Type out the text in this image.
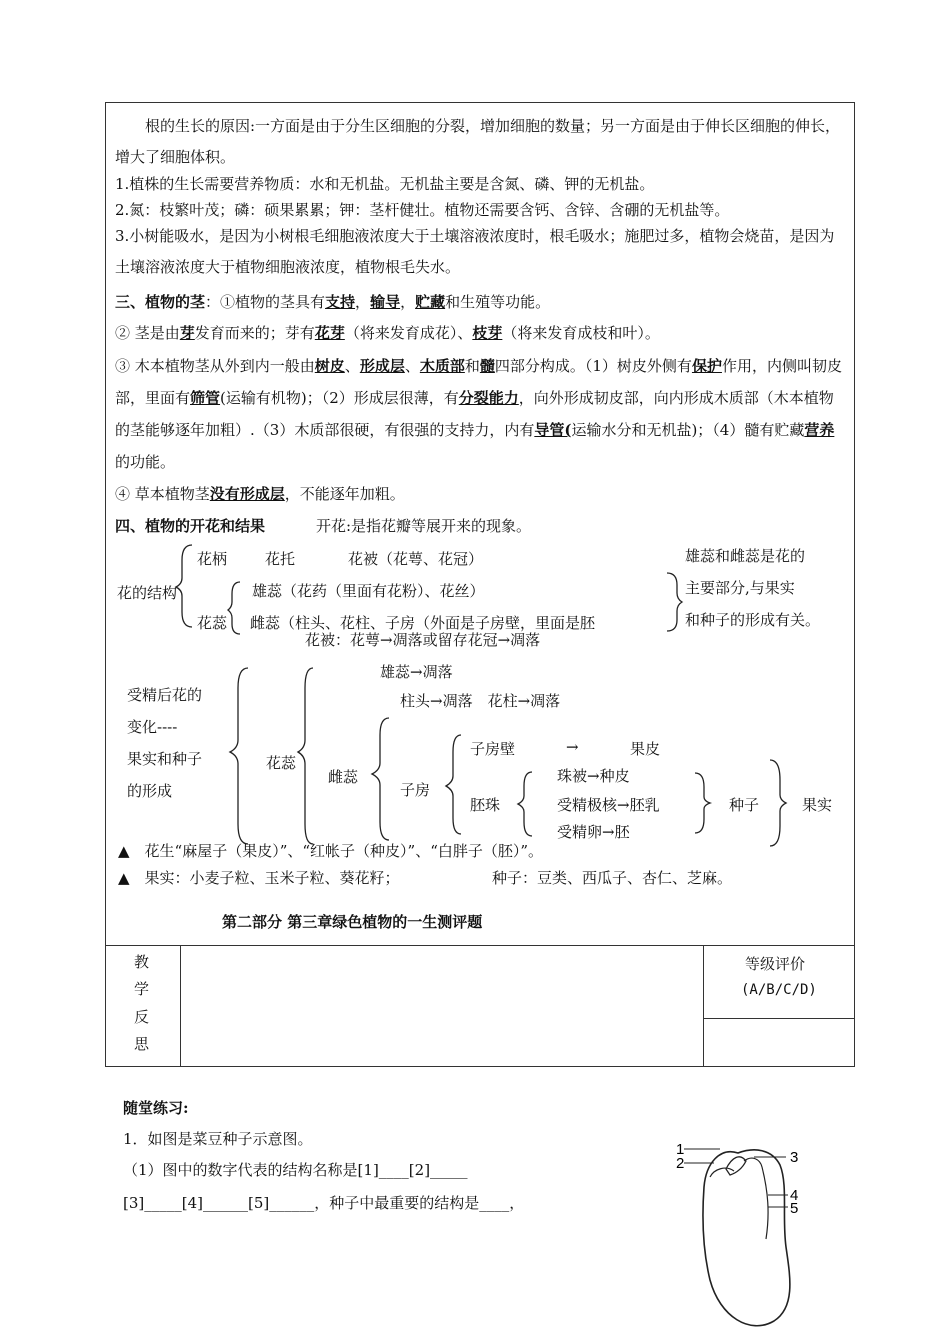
根的生长的原因:一方面是由于分生区细胞的分裂，增加细胞的数量；另一方面是由于伸长区细胞的伸长，增大了细胞体积。
1.植株的生长需要营养物质：水和无机盐。无机盐主要是含氮、磷、钾的无机盐。
2.氮：枝繁叶茂；磷：硕果累累；钾：茎杆健壮。植物还需要含钙、含锌、含硼的无机盐等。
3.小树能吸水，是因为小树根毛细胞液浓度大于土壤溶液浓度时，根毛吸水；施肥过多，植物会烧苗，是因为土壤溶液浓度大于植物细胞液浓度，植物根毛失水。
三、植物的茎：①植物的茎具有支持，输导，贮藏和生殖等功能。
② 茎是由芽发育而来的；芽有花芽（将来发育成花）、枝芽（将来发育成枝和叶）。
③ 木本植物茎从外到内一般由树皮、形成层、木质部和髓四部分构成。（1）树皮外侧有保护作用，内侧叫韧皮部，里面有筛管(运输有机物)；（2）形成层很薄，有分裂能力，向外形成韧皮部，向内形成木质部（木本植物的茎能够逐年加粗）.（3）木质部很硬，有很强的支持力，内有导管(运输水分和无机盐)；（4）髓有贮藏营养的功能。
④ 草本植物茎没有形成层，不能逐年加粗。
四、植物的开花和结果	开花:是指花瓣等展开来的现象。
花柄	花托	花被（花萼、花冠）
花的结构
花蕊
雄蕊（花药（里面有花粉）、花丝）
雌蕊（柱头、花柱、子房（外面是子房壁，里面是胚
雄蕊和雌蕊是花的
主要部分,与果实
和种子的形成有关。
花被：花萼→凋落或留存花冠→凋落
受精后花的
变化----
果实和种子
的形成
花蕊
雄蕊→凋落
柱头→凋落　花柱→凋落
雌蕊
子房
子房壁	→	果皮
胚珠
珠被→种皮
受精极核→胚乳
受精卵→胚
种子	果实
▲　花生“麻屋子（果皮）”、“红帐子（种皮）”、“白胖子（胚）”。
▲　果实：小麦子粒、玉米子粒、葵花籽；	种子：豆类、西瓜子、杏仁、芝麻。
第二部分 第三章绿色植物的一生测评题
教
学
反
思
等级评价
(A/B/C/D)
随堂练习:
1．如图是菜豆种子示意图。
（1）图中的数字代表的结构名称是[1]____[2]_____
[3]_____[4]______[5]______，种子中最重要的结构是____，
1
2	3
4
5
